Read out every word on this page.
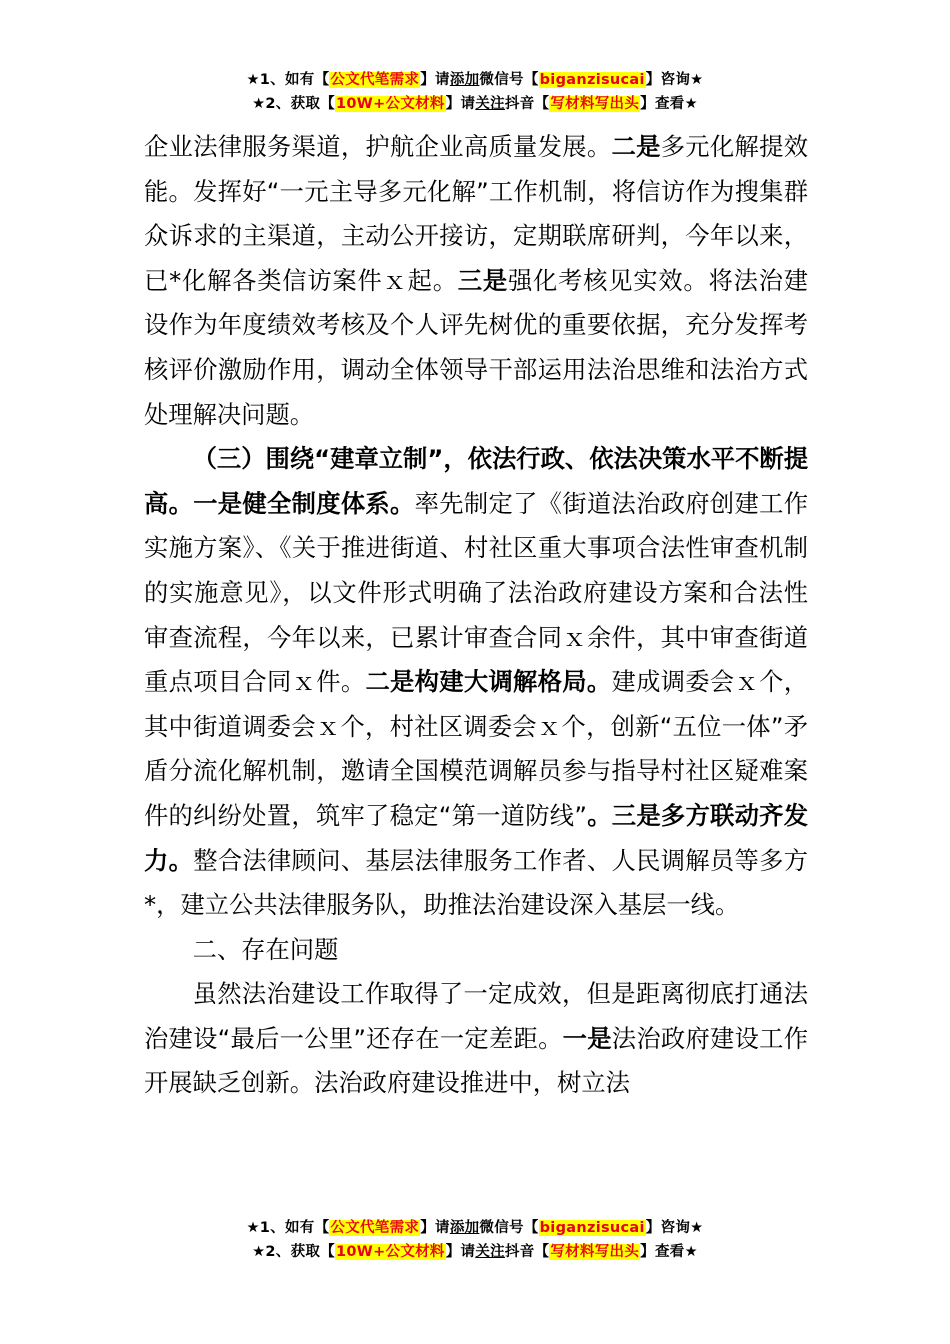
★1、如有【公文代笔需求】请添加微信号【biganzisucai】咨询★
★2、获取【10W+公文材料】请关注抖音【写材料写出头】查看★

企业法律服务渠道，护航企业高质量发展。二是多元化解提效能。发挥好“一元主导多元化解”工作机制，将信访作为搜集群众诉求的主渠道，主动公开接访，定期联席研判，今年以来，已*化解各类信访案件ｘ起。三是强化考核见实效。将法治建设作为年度绩效考核及个人评先树优的重要依据，充分发挥考核评价激励作用，调动全体领导干部运用法治思维和法治方式处理解决问题。

（三）围绕“建章立制”，依法行政、依法决策水平不断提高。一是健全制度体系。率先制定了《街道法治政府创建工作实施方案》、《关于推进街道、村社区重大事项合法性审查机制的实施意见》，以文件形式明确了法治政府建设方案和合法性审查流程，今年以来，已累计审查合同ｘ余件，其中审查街道重点项目合同ｘ件。二是构建大调解格局。建成调委会ｘ个，其中街道调委会ｘ个，村社区调委会ｘ个，创新“五位一体”矛盾分流化解机制，邀请全国模范调解员参与指导村社区疑难案件的纠纷处置，筑牢了稳定“第一道防线”。三是多方联动齐发力。整合法律顾问、基层法律服务工作者、人民调解员等多方*，建立公共法律服务队，助推法治建设深入基层一线。

二、存在问题

虽然法治建设工作取得了一定成效，但是距离彻底打通法治建设“最后一公里”还存在一定差距。一是法治政府建设工作开展缺乏创新。法治政府建设推进中，树立法

★1、如有【公文代笔需求】请添加微信号【biganzisucai】咨询★
★2、获取【10W+公文材料】请关注抖音【写材料写出头】查看★
